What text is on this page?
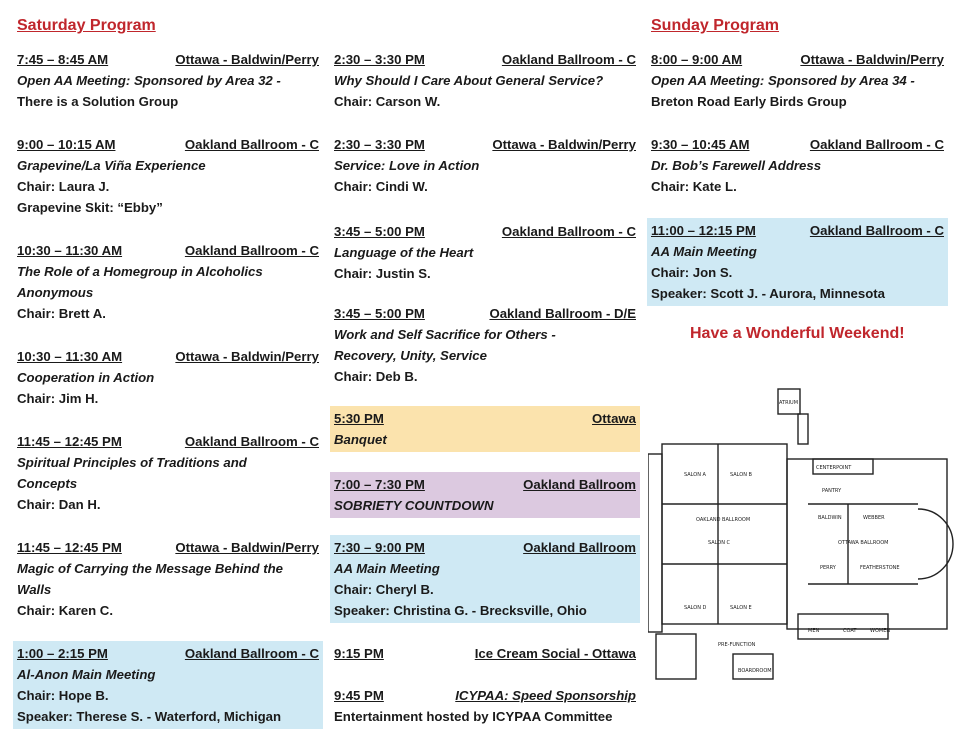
Saturday Program	Sunday Program
7:45 – 8:45 AM	Ottawa - Baldwin/Perry
Open AA Meeting: Sponsored by Area 32 -
There is a Solution Group
9:00 – 10:15 AM	Oakland Ballroom - C
Grapevine/La Viña Experience
Chair: Laura J.
Grapevine Skit: “Ebby”
10:30 – 11:30 AM	Oakland Ballroom - C
The Role of a Homegroup in Alcoholics
Anonymous
Chair: Brett A.
10:30 – 11:30 AM	Ottawa - Baldwin/Perry
Cooperation in Action
Chair: Jim H.
11:45 – 12:45 PM	Oakland Ballroom - C
Spiritual Principles of Traditions and
Concepts
Chair: Dan H.
11:45 – 12:45 PM	Ottawa - Baldwin/Perry
Magic of Carrying the Message Behind the
Walls
Chair: Karen C.
1:00 – 2:15 PM	Oakland Ballroom - C
Al-Anon Main Meeting
Chair: Hope B.
Speaker: Therese S. - Waterford, Michigan
2:30 – 3:30 PM	Oakland Ballroom - C
Why Should I Care About General Service?
Chair: Carson W.
2:30 – 3:30 PM	Ottawa - Baldwin/Perry
Service: Love in Action
Chair: Cindi W.
3:45 – 5:00 PM	Oakland Ballroom - C
Language of the Heart
Chair: Justin S.
3:45 – 5:00 PM	Oakland Ballroom - D/E
Work and Self Sacrifice for Others -
Recovery, Unity, Service
Chair: Deb B.
5:30 PM	Ottawa
Banquet
7:00 – 7:30 PM	Oakland Ballroom
SOBRIETY COUNTDOWN
7:30 – 9:00 PM	Oakland Ballroom
AA Main Meeting
Chair: Cheryl B.
Speaker: Christina G. - Brecksville, Ohio
9:15 PM	Ice Cream Social - Ottawa
9:45 PM	ICYPAA: Speed Sponsorship
Entertainment hosted by ICYPAA Committee
8:00 – 9:00 AM	Ottawa - Baldwin/Perry
Open AA Meeting: Sponsored by Area 34 -
Breton Road Early Birds Group
9:30 – 10:45 AM	Oakland Ballroom - C
Dr. Bob’s Farewell Address
Chair: Kate L.
11:00 – 12:15 PM	Oakland Ballroom - C
AA Main Meeting
Chair: Jon S.
Speaker: Scott J. - Aurora, Minnesota
Have a Wonderful Weekend!
ATRIUM
CENTERPOINT
PANTRY
SALON A	SALON B
OAKLAND BALLROOM
SALON C
SALON D	SALON E
PRE-FUNCTION
BALDWIN	WEBBER
OTTAWA BALLROOM
PERRY	FEATHERSTONE
BOARDROOM
MEN	COAT	WOMEN
